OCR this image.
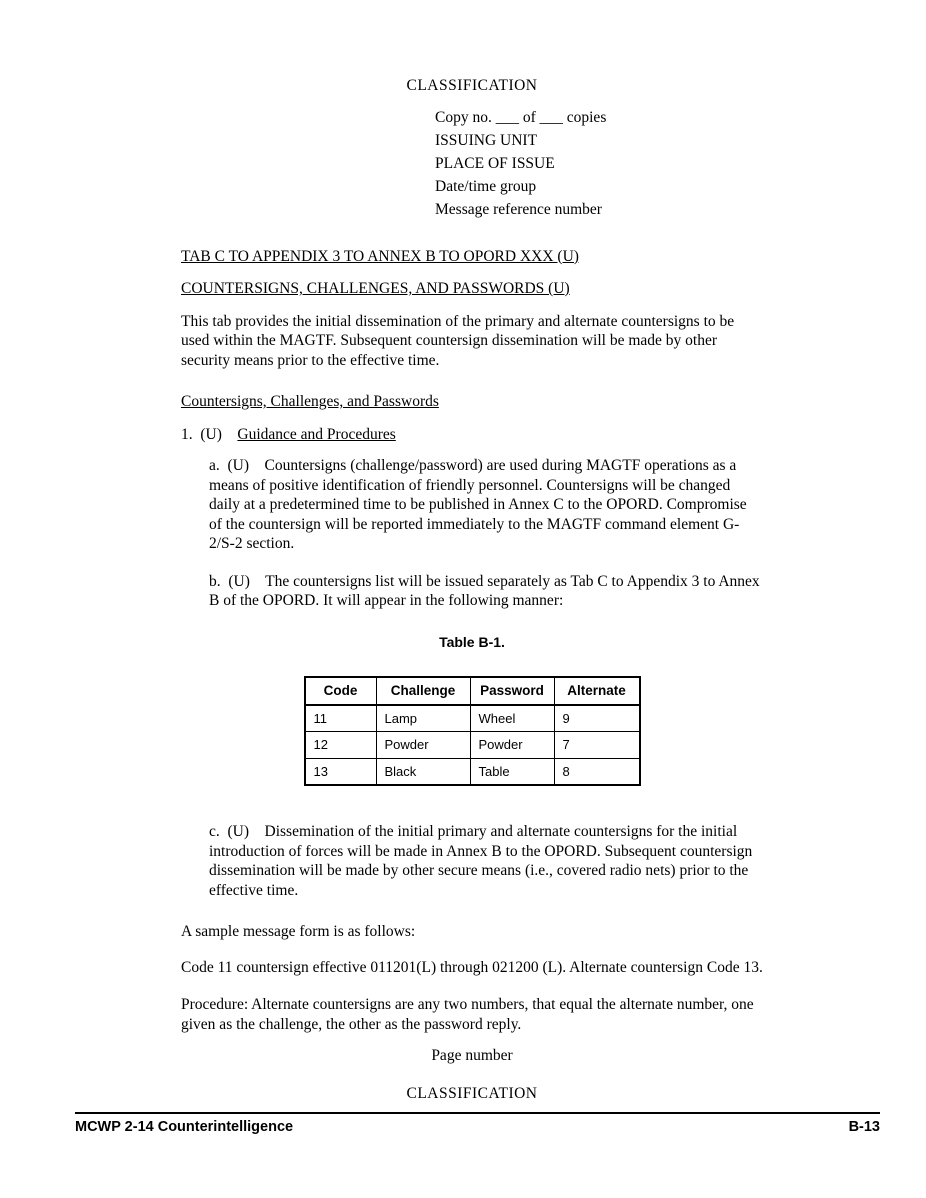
CLASSIFICATION
Copy no. ___ of ___ copies
ISSUING UNIT
PLACE OF ISSUE
Date/time group
Message reference number

TAB C TO APPENDIX 3 TO ANNEX B TO OPORD XXX (U)

COUNTERSIGNS, CHALLENGES, AND PASSWORDS (U)

This tab provides the initial dissemination of the primary and alternate countersigns to be used within the MAGTF. Subsequent countersign dissemination will be made by other security means prior to the effective time.

Countersigns, Challenges, and Passwords

1.  (U)    Guidance and Procedures

a.  (U)    Countersigns (challenge/password) are used during MAGTF operations as a means of positive identification of friendly personnel. Countersigns will be changed daily at a predetermined time to be published in Annex C to the OPORD. Compromise of the countersign will be reported immediately to the MAGTF command element G-2/S-2 section.

b.  (U)    The countersigns list will be issued separately as Tab C to Appendix 3 to Annex B of the OPORD. It will appear in the following manner:

Table B-1.
Code	Challenge	Password	Alternate
11	Lamp	Wheel	9
12	Powder	Powder	7
13	Black	Table	8

c.  (U)    Dissemination of the initial primary and alternate countersigns for the initial introduction of forces will be made in Annex B to the OPORD. Subsequent countersign dissemination will be made by other secure means (i.e., covered radio nets) prior to the effective time.

A sample message form is as follows:

Code 11 countersign effective 011201(L) through 021200 (L). Alternate countersign Code 13.

Procedure: Alternate countersigns are any two numbers, that equal the alternate number, one given as the challenge, the other as the password reply.

Page number
CLASSIFICATION
MCWP 2-14 Counterintelligence	B-13
